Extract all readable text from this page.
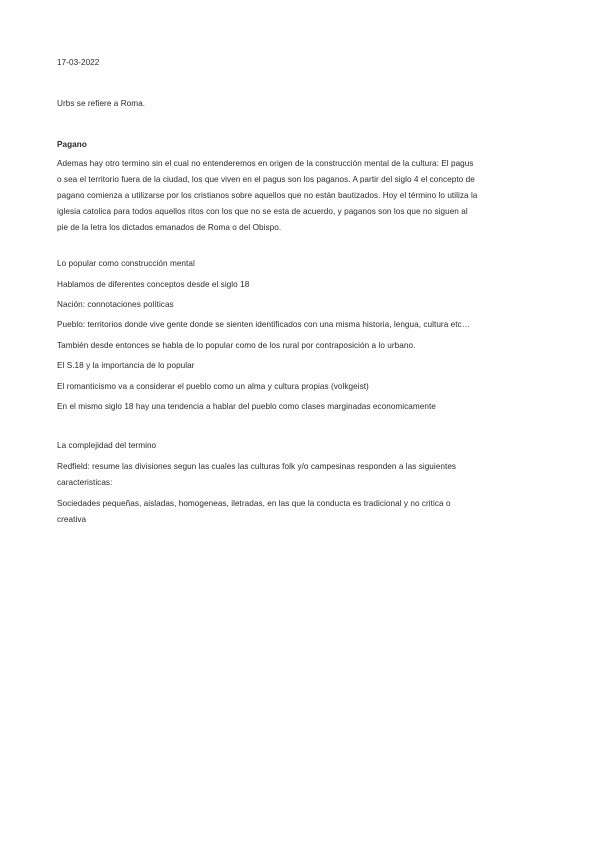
17-03-2022
Urbs se refiere a Roma.
Pagano
Ademas hay otro termino sin el cual no entenderemos en origen de la construcción mental de la cultura: El pagus
o sea el territorio fuera de la ciudad, los que viven en el pagus son los paganos. A partir del siglo 4 el concepto de
pagano comienza a utilizarse por los cristianos sobre aquellos que no están bautizados. Hoy el término lo utiliza la
iglesia catolica para todos aquellos ritos con los que no se esta de acuerdo, y paganos son los que no siguen al
pie de la letra los dictados emanados de Roma o del Obispo.
Lo popular como construcción mental
Hablamos de diferentes conceptos desde el siglo 18
Nación: connotaciones políticas
Pueblo: territorios donde vive gente donde se sienten identificados con una misma historia, lengua, cultura etc…
También desde entonces se habla de lo popular como de los rural por contraposición a lo urbano.
El S.18 y la importancia de lo popular
El romanticismo va a considerar el pueblo como un alma y cultura propias (volkgeist)
En el mismo siglo 18 hay una tendencia a hablar del pueblo como clases marginadas economicamente
La complejidad del termino
Redfield: resume las divisiones segun las cuales las culturas folk y/o campesinas responden a las siguientes
caracteristicas:
Sociedades pequeñas, aisladas, homogeneas, iletradas, en las que la conducta es tradicional y no critica o
creativa
